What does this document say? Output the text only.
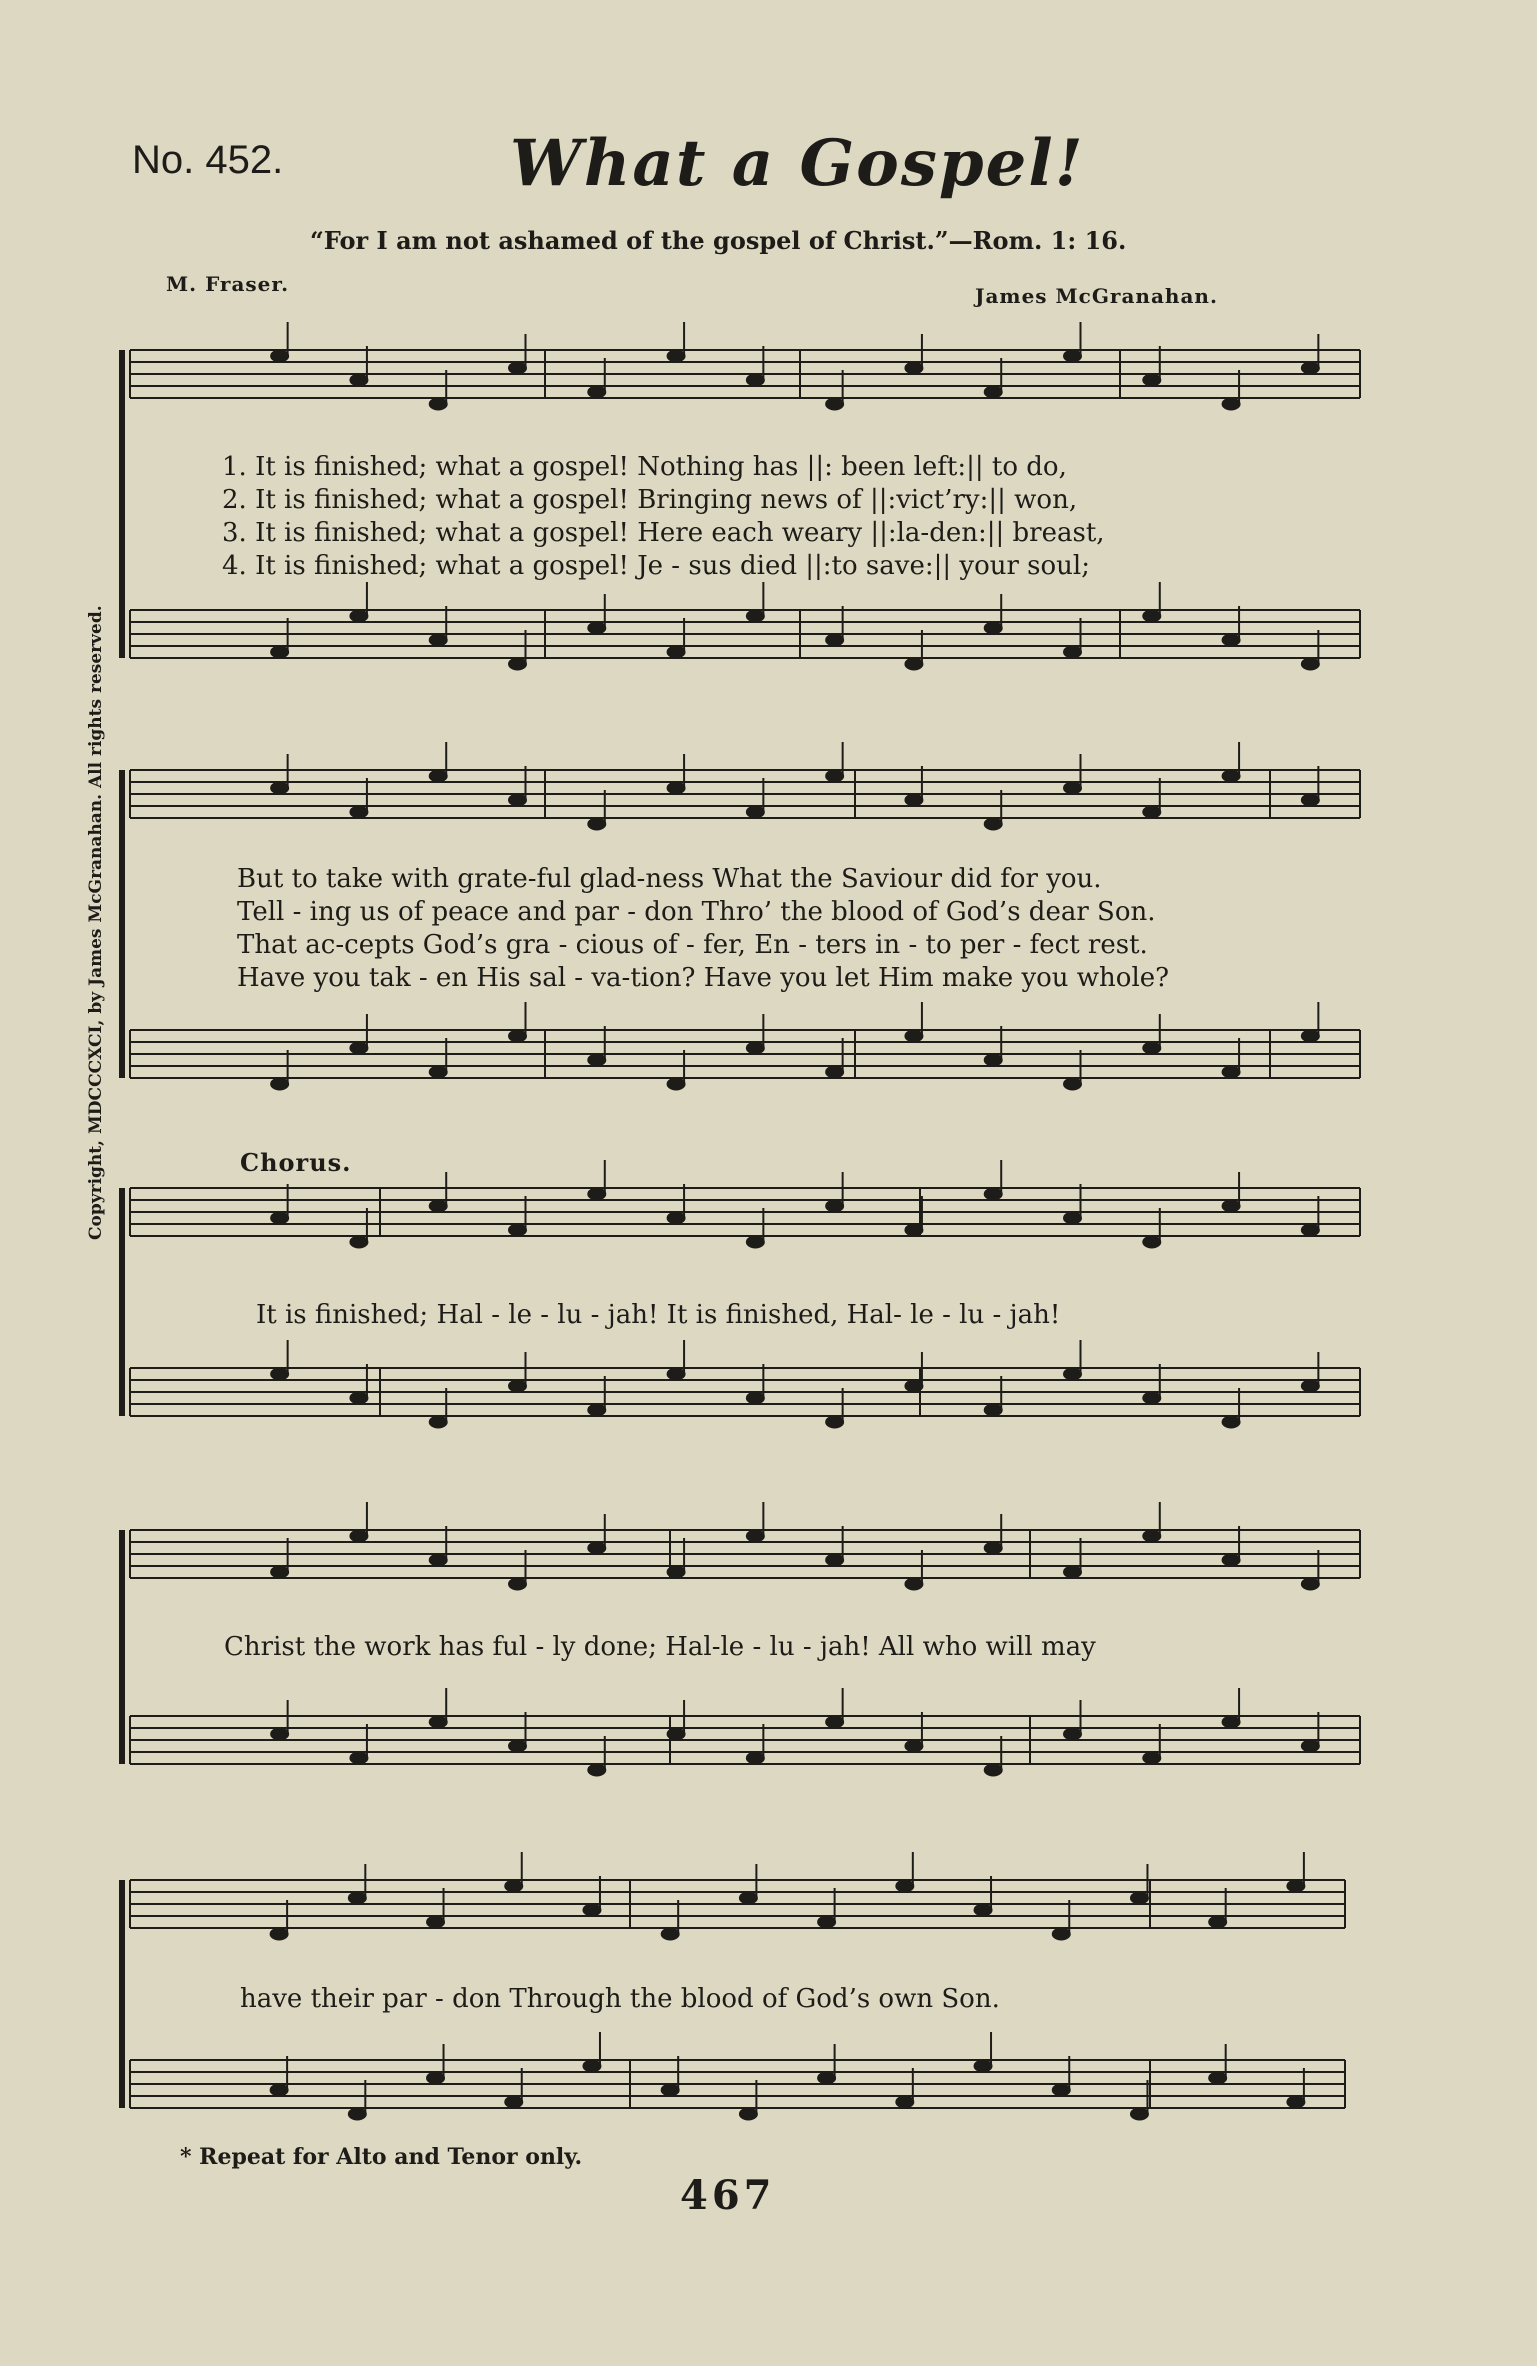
No. 452.	What a Gospel!
“For I am not ashamed of the gospel of Christ.”—Rom. 1: 16.
M. Fraser.	James McGranahan.
Copyright, MDCCCXCI, by James McGranahan. All rights reserved.
1. It is finished; what a gospel! Nothing has ||: been left:|| to do,
2. It is finished; what a gospel! Bringing news of ||:vict’ry:|| won,
3. It is finished; what a gospel! Here each weary ||:la-den:|| breast,
4. It is finished; what a gospel! Je - sus died ||:to save:|| your soul;
But to take with grate-ful glad-ness What the Saviour did for you.
Tell - ing us of peace and par - don Thro’ the blood of God’s dear Son.
That ac-cepts God’s gra - cious of - fer, En - ters in - to per - fect rest.
Have you tak - en His sal - va-tion? Have you let Him make you whole?
Chorus.
It is finished; Hal - le - lu - jah! It is finished, Hal- le - lu - jah!
Christ the work has ful - ly done; Hal-le - lu - jah! All who will may
have their par - don Through the blood of God’s own Son.
* Repeat for Alto and Tenor only.
467
